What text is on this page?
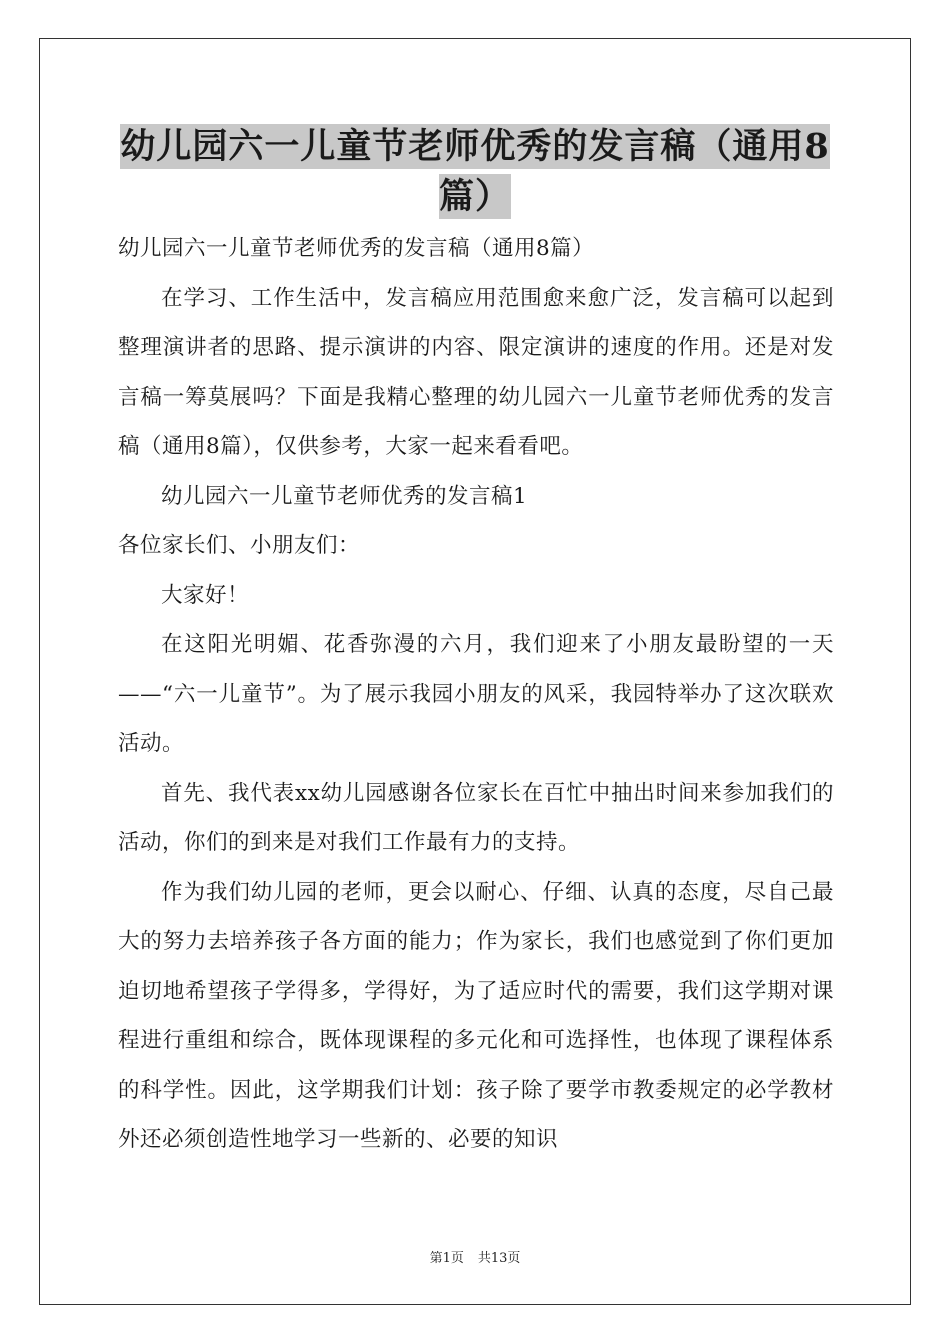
幼儿园六一儿童节老师优秀的发言稿（通用8
篇）

幼儿园六一儿童节老师优秀的发言稿（通用8篇）

在学习、工作生活中，发言稿应用范围愈来愈广泛，发言稿可以起到整理演讲者的思路、提示演讲的内容、限定演讲的速度的作用。还是对发言稿一筹莫展吗？下面是我精心整理的幼儿园六一儿童节老师优秀的发言稿（通用8篇），仅供参考，大家一起来看看吧。

幼儿园六一儿童节老师优秀的发言稿1

各位家长们、小朋友们：

大家好！

在这阳光明媚、花香弥漫的六月，我们迎来了小朋友最盼望的一天——“六一儿童节”。为了展示我园小朋友的风采，我园特举办了这次联欢活动。

首先、我代表xx幼儿园感谢各位家长在百忙中抽出时间来参加我们的活动，你们的到来是对我们工作最有力的支持。

作为我们幼儿园的老师，更会以耐心、仔细、认真的态度，尽自己最大的努力去培养孩子各方面的能力；作为家长，我们也感觉到了你们更加迫切地希望孩子学得多，学得好，为了适应时代的需要，我们这学期对课程进行重组和综合，既体现课程的多元化和可选择性，也体现了课程体系的科学性。因此，这学期我们计划：孩子除了要学市教委规定的必学教材外还必须创造性地学习一些新的、必要的知识

第1页 共13页
